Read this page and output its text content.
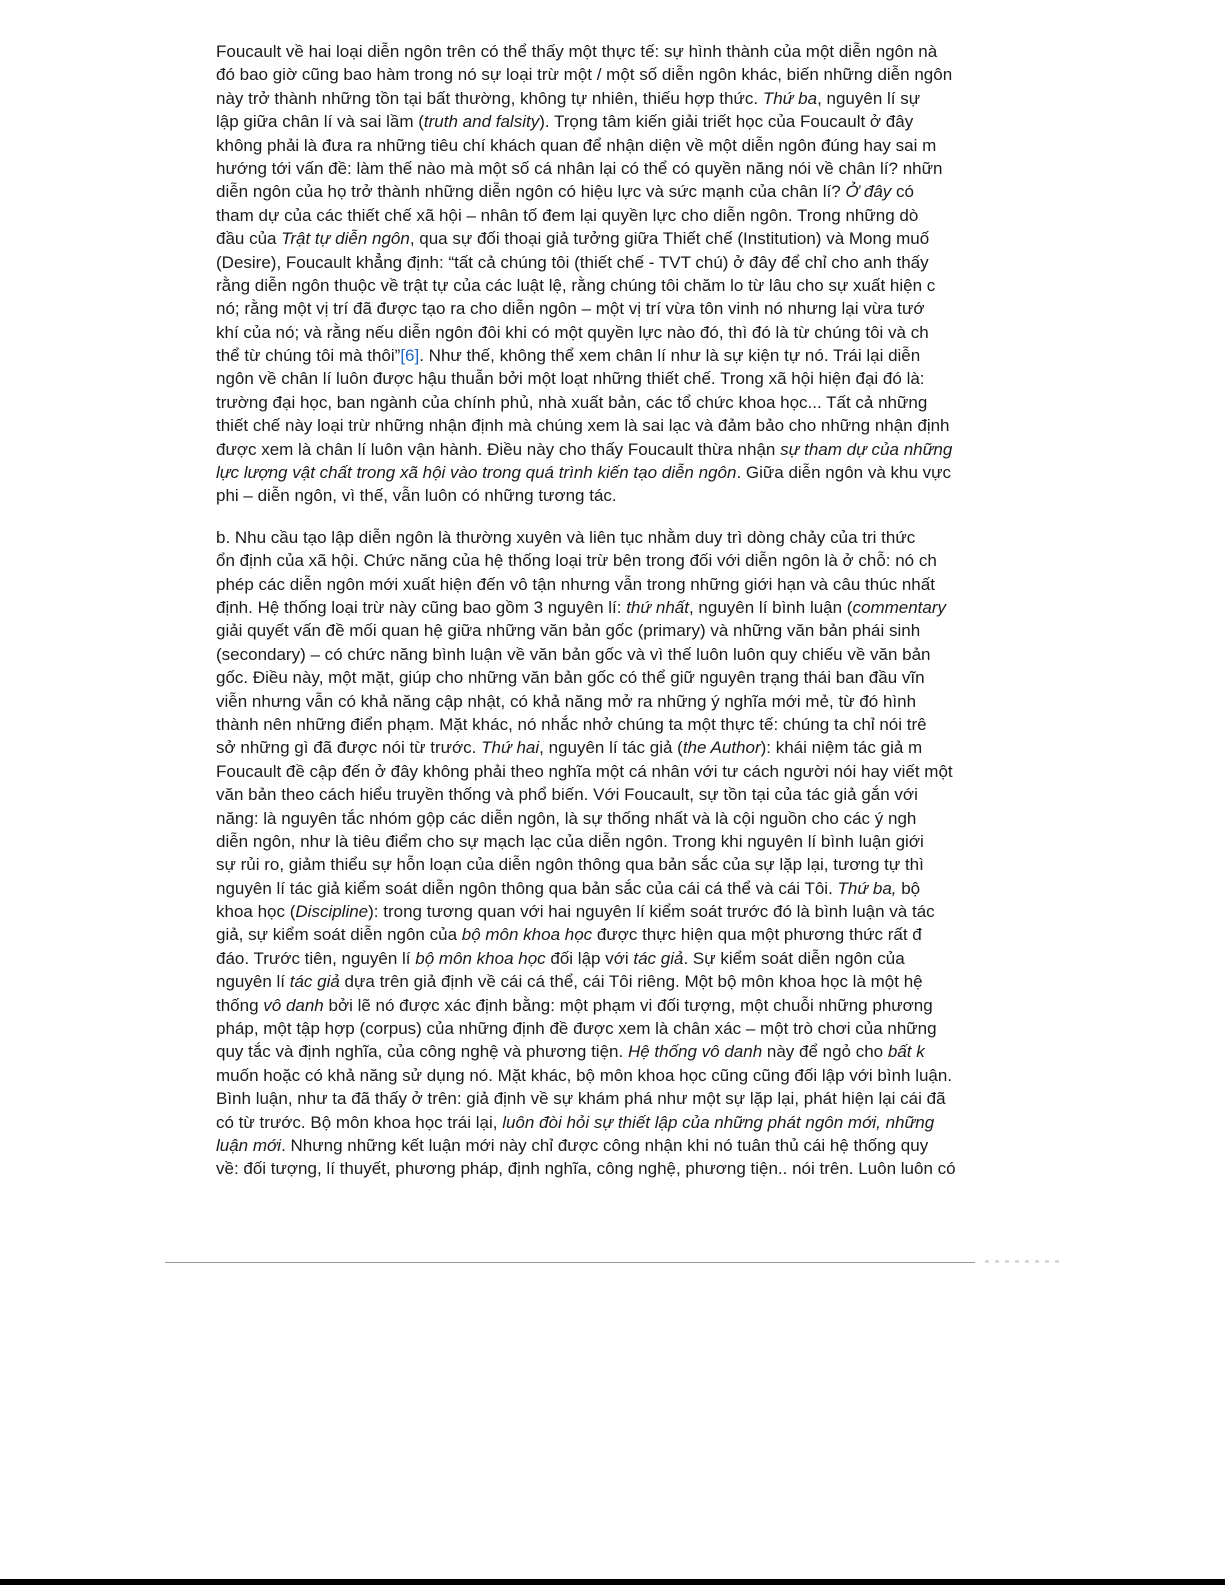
Foucault về hai loại diễn ngôn trên có thể thấy một thực tế: sự hình thành của một diễn ngôn nà
đó bao giờ cũng bao hàm trong nó sự loại trừ một / một số diễn ngôn khác, biến những diễn ngôn
này trở thành những tồn tại bất thường, không tự nhiên, thiếu hợp thức. Thứ ba, nguyên lí sự
lập giữa chân lí và sai lầm (truth and falsity). Trọng tâm kiến giải triết học của Foucault ở đây
không phải là đưa ra những tiêu chí khách quan để nhận diện về một diễn ngôn đúng hay sai m
hướng tới vấn đề: làm thế nào mà một số cá nhân lại có thể có quyền năng nói về chân lí? nhữn
diễn ngôn của họ trở thành những diễn ngôn có hiệu lực và sức mạnh của chân lí? Ở đây có
tham dự của các thiết chế xã hội – nhân tố đem lại quyền lực cho diễn ngôn. Trong những dò
đầu của Trật tự diễn ngôn, qua sự đối thoại giả tưởng giữa Thiết chế (Institution) và Mong muố
(Desire), Foucault khẳng định: “tất cả chúng tôi (thiết chế - TVT chú) ở đây để chỉ cho anh thấy
rằng diễn ngôn thuộc về trật tự của các luật lệ, rằng chúng tôi chăm lo từ lâu cho sự xuất hiện c
nó; rằng một vị trí đã được tạo ra cho diễn ngôn – một vị trí vừa tôn vinh nó nhưng lại vừa tướ
khí của nó; và rằng nếu diễn ngôn đôi khi có một quyền lực nào đó, thì đó là từ chúng tôi và ch
thể từ chúng tôi mà thôi”[6]. Như thế, không thể xem chân lí như là sự kiện tự nó. Trái lại diễn
ngôn về chân lí luôn được hậu thuẫn bởi một loạt những thiết chế. Trong xã hội hiện đại đó là:
trường đại học, ban ngành của chính phủ, nhà xuất bản, các tổ chức khoa học... Tất cả những
thiết chế này loại trừ những nhận định mà chúng xem là sai lạc và đảm bảo cho những nhận định
được xem là chân lí luôn vận hành. Điều này cho thấy Foucault thừa nhận sự tham dự của những
lực lượng vật chất trong xã hội vào trong quá trình kiến tạo diễn ngôn. Giữa diễn ngôn và khu vực
phi – diễn ngôn, vì thế, vẫn luôn có những tương tác.
b. Nhu cầu tạo lập diễn ngôn là thường xuyên và liên tục nhằm duy trì dòng chảy của tri thức
ổn định của xã hội. Chức năng của hệ thống loại trừ bên trong đối với diễn ngôn là ở chỗ: nó ch
phép các diễn ngôn mới xuất hiện đến vô tận nhưng vẫn trong những giới hạn và câu thúc nhất
định. Hệ thống loại trừ này cũng bao gồm 3 nguyên lí: thứ nhất, nguyên lí bình luận (commentary
giải quyết vấn đề mối quan hệ giữa những văn bản gốc (primary) và những văn bản phái sinh
(secondary) – có chức năng bình luận về văn bản gốc và vì thế luôn luôn quy chiếu về văn bản
gốc. Điều này, một mặt, giúp cho những văn bản gốc có thể giữ nguyên trạng thái ban đầu vĩn
viễn nhưng vẫn có khả năng cập nhật, có khả năng mở ra những ý nghĩa mới mẻ, từ đó hình
thành nên những điển phạm. Mặt khác, nó nhắc nhở chúng ta một thực tế: chúng ta chỉ nói trê
sở những gì đã được nói từ trước. Thứ hai, nguyên lí tác giả (the Author): khái niệm tác giả m
Foucault đề cập đến ở đây không phải theo nghĩa một cá nhân với tư cách người nói hay viết một
văn bản theo cách hiểu truyền thống và phổ biến. Với Foucault, sự tồn tại của tác giả gắn với
năng: là nguyên tắc nhóm gộp các diễn ngôn, là sự thống nhất và là cội nguồn cho các ý ngh
diễn ngôn, như là tiêu điểm cho sự mạch lạc của diễn ngôn. Trong khi nguyên lí bình luận giới
sự rủi ro, giảm thiểu sự hỗn loạn của diễn ngôn thông qua bản sắc của sự lặp lại, tương tự thì
nguyên lí tác giả kiểm soát diễn ngôn thông qua bản sắc của cái cá thể và cái Tôi. Thứ ba, bộ
khoa học (Discipline): trong tương quan với hai nguyên lí kiểm soát trước đó là bình luận và tác
giả, sự kiểm soát diễn ngôn của bộ môn khoa học được thực hiện qua một phương thức rất đ
đáo. Trước tiên, nguyên lí bộ môn khoa học đối lập với tác giả. Sự kiểm soát diễn ngôn của
nguyên lí tác giả dựa trên giả định về cái cá thể, cái Tôi riêng. Một bộ môn khoa học là một hệ
thống vô danh bởi lẽ nó được xác định bằng: một phạm vi đối tượng, một chuỗi những phương
pháp, một tập hợp (corpus) của những định đề được xem là chân xác – một trò chơi của những
quy tắc và định nghĩa, của công nghệ và phương tiện. Hệ thống vô danh này để ngỏ cho bất k
muốn hoặc có khả năng sử dụng nó. Mặt khác, bộ môn khoa học cũng cũng đối lập với bình luận.
Bình luận, như ta đã thấy ở trên: giả định về sự khám phá như một sự lặp lại, phát hiện lại cái đã
có từ trước. Bộ môn khoa học trái lại, luôn đòi hỏi sự thiết lập của những phát ngôn mới, những
luận mới. Nhưng những kết luận mới này chỉ được công nhận khi nó tuân thủ cái hệ thống quy
về: đối tượng, lí thuyết, phương pháp, định nghĩa, công nghệ, phương tiện.. nói trên. Luôn luôn có
